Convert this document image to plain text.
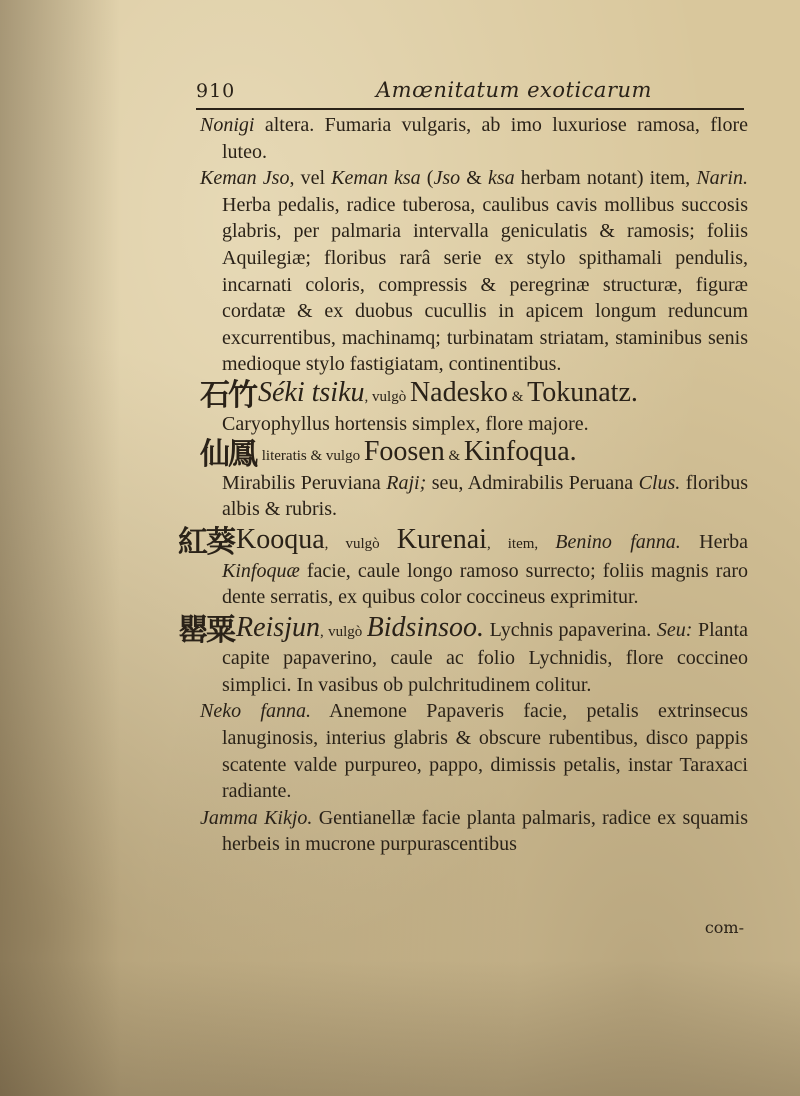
910	Amœnitatum exoticarum

Nonigi altera. Fumaria vulgaris, ab imo luxuriose ramosa, flore luteo.

Keman Jso, vel Keman ksa (Jso & ksa herbam notant) item, Narin. Herba pedalis, radice tuberosa, caulibus cavis mollibus succosis glabris, per palmaria intervalla geniculatis & ramosis; foliis Aquilegiæ; floribus rarâ serie ex stylo spithamali pendulis, incarnati coloris, compressis & peregrinæ structuræ, figuræ cordatæ & ex duobus cucullis in apicem longum reduncum excurrentibus, machinamq; turbinatam striatam, staminibus senis medioque stylo fastigiatam, continentibus.

石竹Séki tsiku, vulgò Nadesko & Tokunatz.

Caryophyllus hortensis simplex, flore majore.

仙鳳 literatis & vulgo Foosen & Kinfoqua.

Mirabilis Peruviana Raji; seu, Admirabilis Peruana Clus. floribus albis & rubris.

紅葵Kooqua, vulgò Kurenai, item, Benino fanna. Herba Kinfoquæ facie, caule longo ramoso surrecto; foliis magnis raro dente serratis, ex quibus color coccineus exprimitur.

罌粟Reisjun, vulgò Bidsinsoo. Lychnis papaverina. Seu: Planta capite papaverino, caule ac folio Lychnidis, flore coccineo simplici. In vasibus ob pulchritudinem colitur.

Neko fanna. Anemone Papaveris facie, petalis extrinsecus lanuginosis, interius glabris & obscure rubentibus, disco pappis scatente valde purpureo, pappo, dimissis petalis, instar Taraxaci radiante.

Jamma Kikjo. Gentianellæ facie planta palmaris, radice ex squamis herbeis in mucrone purpurascentibus

com-
